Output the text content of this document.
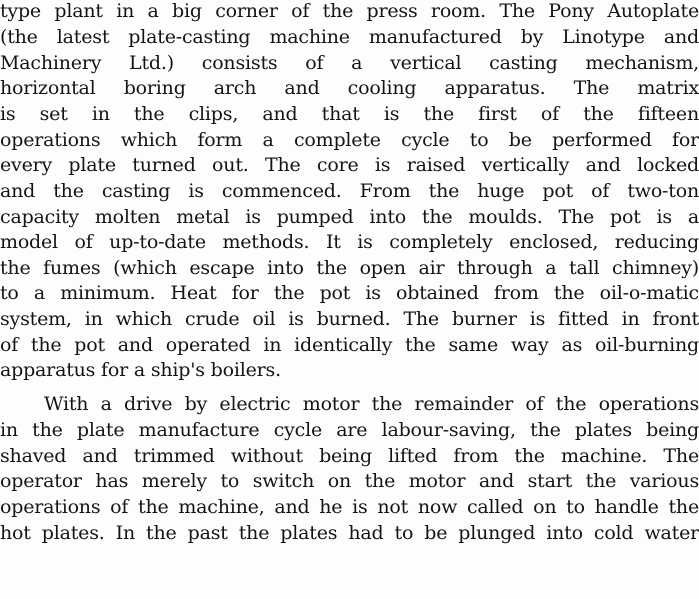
type plant in a big corner of the press room. The Pony Autoplate
(the latest plate-casting machine manufactured by Linotype and
Machinery Ltd.) consists of a vertical casting mechanism,
horizontal boring arch and cooling apparatus. The matrix
is set in the clips, and that is the first of the fifteen
operations which form a complete cycle to be performed for
every plate turned out. The core is raised vertically and locked
and the casting is commenced. From the huge pot of two-ton
capacity molten metal is pumped into the moulds. The pot is a
model of up-to-date methods. It is completely enclosed, reducing
the fumes (which escape into the open air through a tall chimney)
to a minimum. Heat for the pot is obtained from the oil-o-matic
system, in which crude oil is burned. The burner is fitted in front
of the pot and operated in identically the same way as oil-burning
apparatus for a ship's boilers.
With a drive by electric motor the remainder of the operations
in the plate manufacture cycle are labour-saving, the plates being
shaved and trimmed without being lifted from the machine. The
operator has merely to switch on the motor and start the various
operations of the machine, and he is not now called on to handle the
hot plates. In the past the plates had to be plunged into cold water
